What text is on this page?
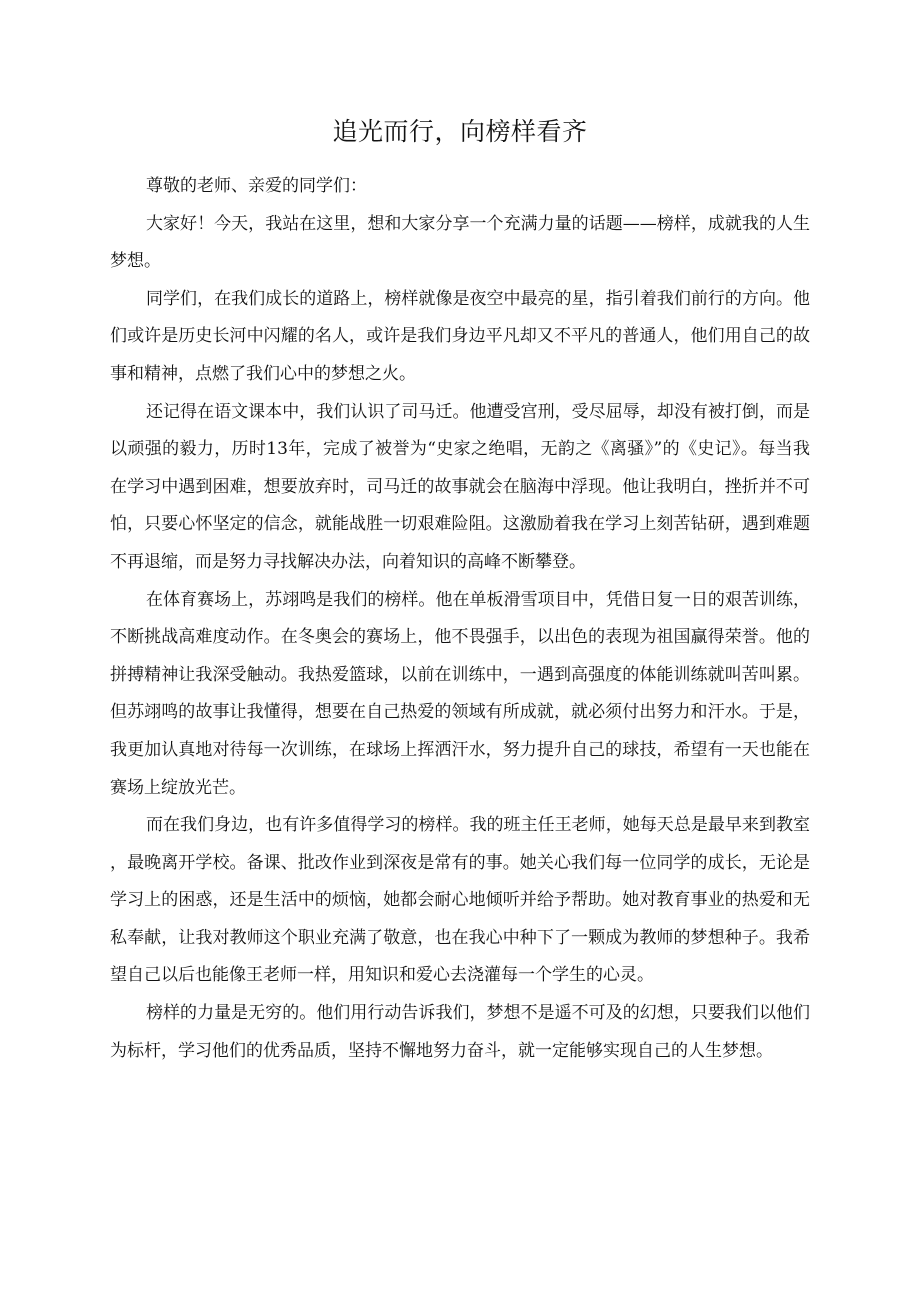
追光而行，向榜样看齐

尊敬的老师、亲爱的同学们：

大家好！今天，我站在这里，想和大家分享一个充满力量的话题——榜样，成就我的人生梦想。

同学们，在我们成长的道路上，榜样就像是夜空中最亮的星，指引着我们前行的方向。他们或许是历史长河中闪耀的名人，或许是我们身边平凡却又不平凡的普通人，他们用自己的故事和精神，点燃了我们心中的梦想之火。

还记得在语文课本中，我们认识了司马迁。他遭受宫刑，受尽屈辱，却没有被打倒，而是以顽强的毅力，历时13年，完成了被誉为“史家之绝唱，无韵之《离骚》”的《史记》。每当我在学习中遇到困难，想要放弃时，司马迁的故事就会在脑海中浮现。他让我明白，挫折并不可怕，只要心怀坚定的信念，就能战胜一切艰难险阻。这激励着我在学习上刻苦钻研，遇到难题不再退缩，而是努力寻找解决办法，向着知识的高峰不断攀登。

在体育赛场上，苏翊鸣是我们的榜样。他在单板滑雪项目中，凭借日复一日的艰苦训练，不断挑战高难度动作。在冬奥会的赛场上，他不畏强手，以出色的表现为祖国赢得荣誉。他的拼搏精神让我深受触动。我热爱篮球，以前在训练中，一遇到高强度的体能训练就叫苦叫累。但苏翊鸣的故事让我懂得，想要在自己热爱的领域有所成就，就必须付出努力和汗水。于是，我更加认真地对待每一次训练，在球场上挥洒汗水，努力提升自己的球技，希望有一天也能在赛场上绽放光芒。

而在我们身边，也有许多值得学习的榜样。我的班主任王老师，她每天总是最早来到教室，最晚离开学校。备课、批改作业到深夜是常有的事。她关心我们每一位同学的成长，无论是学习上的困惑，还是生活中的烦恼，她都会耐心地倾听并给予帮助。她对教育事业的热爱和无私奉献，让我对教师这个职业充满了敬意，也在我心中种下了一颗成为教师的梦想种子。我希望自己以后也能像王老师一样，用知识和爱心去浇灌每一个学生的心灵。

榜样的力量是无穷的。他们用行动告诉我们，梦想不是遥不可及的幻想，只要我们以他们为标杆，学习他们的优秀品质，坚持不懈地努力奋斗，就一定能够实现自己的人生梦想。
